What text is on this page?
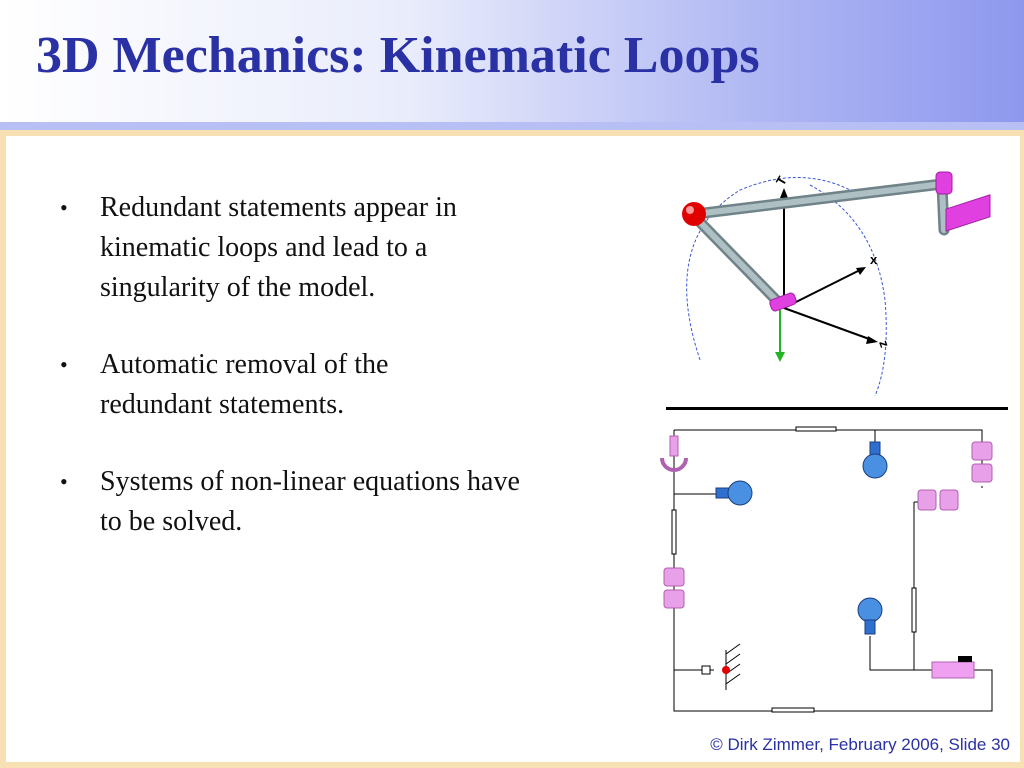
3D Mechanics: Kinematic Loops
• Redundant statements appear in kinematic loops and lead to a singularity of the model.
• Automatic removal of the redundant statements.
• Systems of non-linear equations have to be solved.
T
x
z
© Dirk Zimmer, February 2006, Slide 30
